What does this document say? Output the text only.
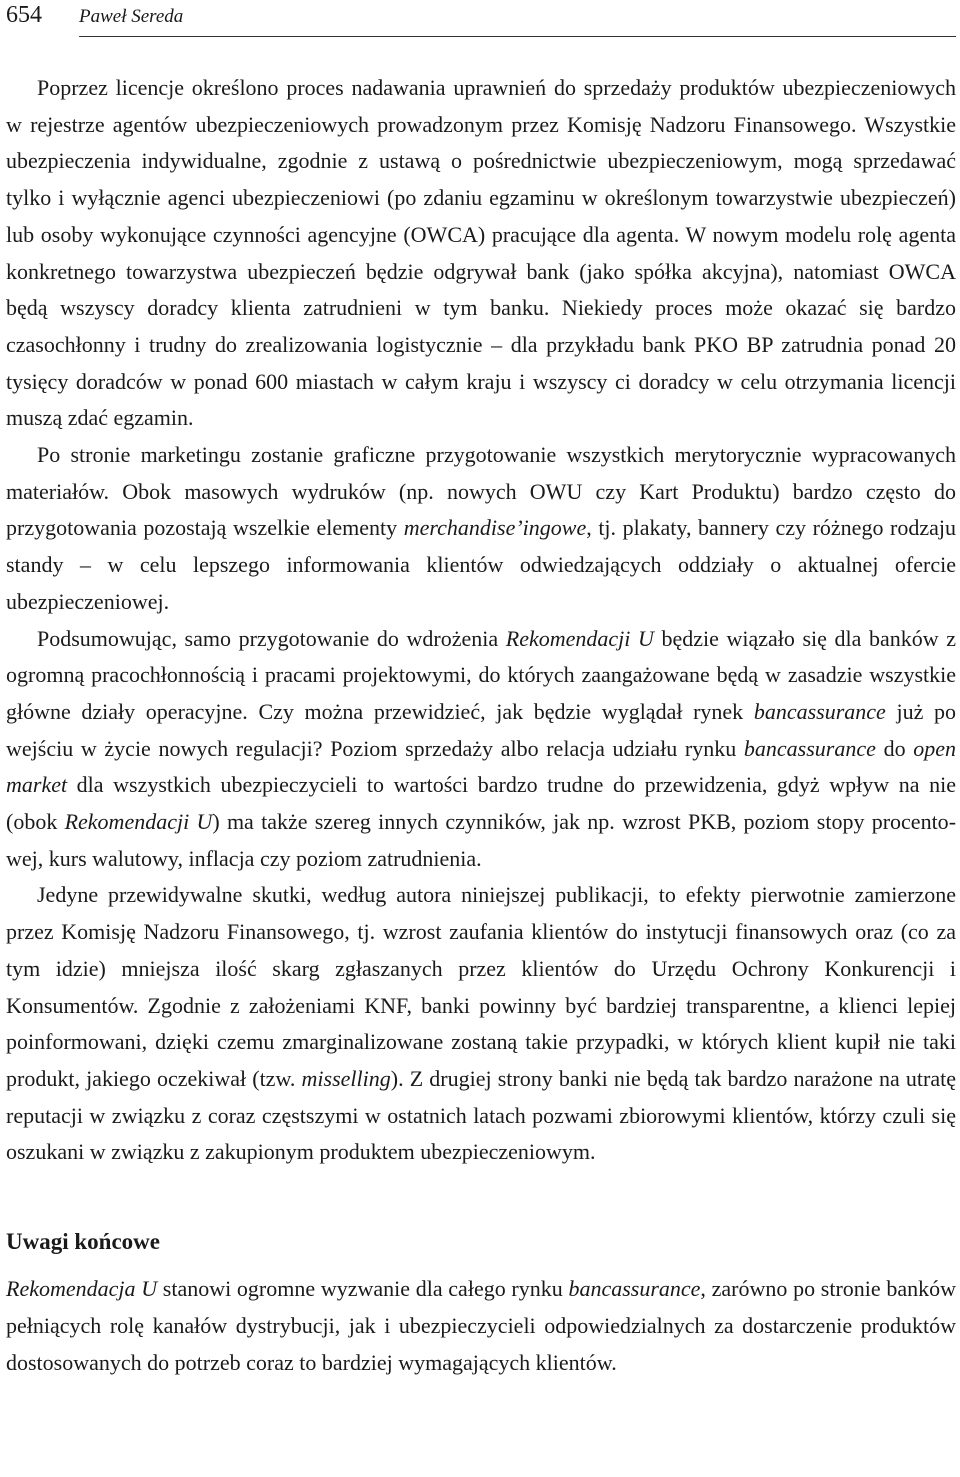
654 Paweł Sereda

Poprzez licencje określono proces nadawania uprawnień do sprzedaży produktów ubezpieczeniowych w rejestrze agentów ubezpieczeniowych prowadzonym przez Komisję Nadzoru Finansowego. Wszystkie ubezpieczenia indywidualne, zgodnie z ustawą o pośrednictwie ubezpieczeniowym, mogą sprzedawać tylko i wyłącznie agenci ubezpieczeniowi (po zdaniu egzaminu w określonym towarzystwie ubezpieczeń) lub osoby wykonujące czynności agencyjne (OWCA) pracujące dla agenta. W nowym modelu rolę agenta konkretnego towarzystwa ubezpieczeń będzie odgrywał bank (jako spółka akcyjna), natomiast OWCA będą wszyscy doradcy klienta zatrudnieni w tym banku. Niekiedy proces może okazać się bardzo czasochłonny i trudny do zrealizowania logistycznie – dla przykładu bank PKO BP zatrudnia ponad 20 tysięcy doradców w ponad 600 miastach w całym kraju i wszyscy ci doradcy w celu otrzymania licencji muszą zdać egzamin.

Po stronie marketingu zostanie graficzne przygotowanie wszystkich merytorycznie wypracowanych materiałów. Obok masowych wydruków (np. nowych OWU czy Kart Produktu) bardzo często do przygotowania pozostają wszelkie elementy merchandise’ingowe, tj. plakaty, bannery czy różnego rodzaju standy – w celu lepszego informowania klientów odwiedzających oddziały o aktualnej ofercie ubezpieczeniowej.

Podsumowując, samo przygotowanie do wdrożenia Rekomendacji U będzie wiązało się dla banków z ogromną pracochłonnością i pracami projektowymi, do których zaangażowane będą w zasadzie wszystkie główne działy operacyjne. Czy można przewidzieć, jak będzie wyglądał rynek bancassurance już po wejściu w życie nowych regulacji? Poziom sprzedaży albo relacja udziału rynku bancassurance do open market dla wszystkich ubezpieczycieli to wartości bardzo trudne do przewidzenia, gdyż wpływ na nie (obok Rekomendacji U) ma także szereg innych czynników, jak np. wzrost PKB, poziom stopy procentowej, kurs walutowy, inflacja czy poziom zatrudnienia.

Jedyne przewidywalne skutki, według autora niniejszej publikacji, to efekty pierwotnie zamierzone przez Komisję Nadzoru Finansowego, tj. wzrost zaufania klientów do instytucji finansowych oraz (co za tym idzie) mniejsza ilość skarg zgłaszanych przez klientów do Urzędu Ochrony Konkurencji i Konsumentów. Zgodnie z założeniami KNF, banki powinny być bardziej transparentne, a klienci lepiej poinformowani, dzięki czemu zmarginalizowane zostaną takie przypadki, w których klient kupił nie taki produkt, jakiego oczekiwał (tzw. misselling). Z drugiej strony banki nie będą tak bardzo narażone na utratę reputacji w związku z coraz częstszymi w ostatnich latach pozwami zbiorowymi klientów, którzy czuli się oszukani w związku z zakupionym produktem ubezpieczeniowym.

Uwagi końcowe

Rekomendacja U stanowi ogromne wyzwanie dla całego rynku bancassurance, zarówno po stronie banków pełniących rolę kanałów dystrybucji, jak i ubezpieczycieli odpowiedzialnych za dostarczenie produktów dostosowanych do potrzeb coraz to bardziej wymagających klientów.
